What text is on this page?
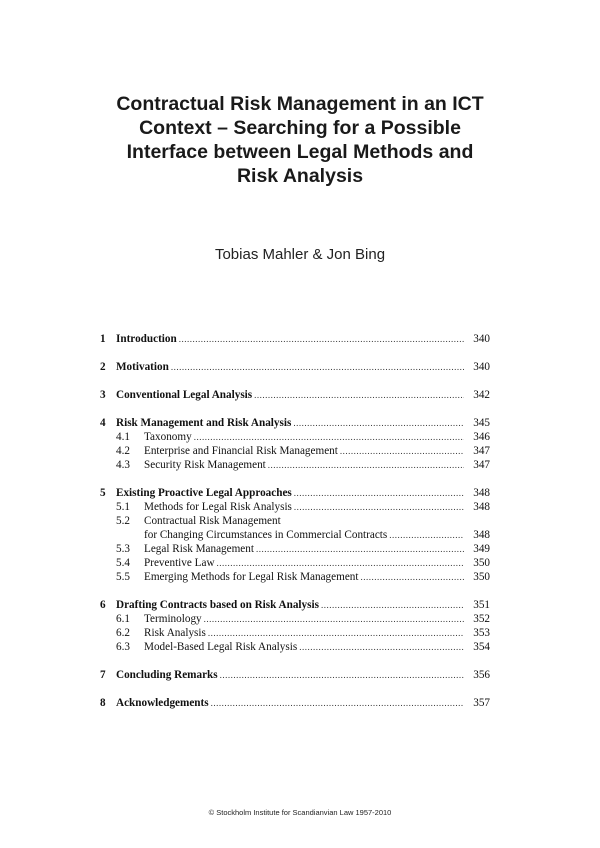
Contractual Risk Management in an ICT
Context – Searching for a Possible
Interface between Legal Methods and
Risk Analysis
Tobias Mahler & Jon Bing
1 Introduction .....	340
2 Motivation .....	340
3 Conventional Legal Analysis .....	342
4 Risk Management and Risk Analysis .....	345
4.1	Taxonomy .....	346
4.2	Enterprise and Financial Risk Management .....	347
4.3	Security Risk Management .....	347
5 Existing Proactive Legal Approaches .....	348
5.1	Methods for Legal Risk Analysis .....	348
5.2	Contractual Risk Management
for Changing Circumstances in Commercial Contracts .....	348
5.3	Legal Risk Management .....	349
5.4	Preventive Law .....	350
5.5	Emerging Methods for Legal Risk Management .....	350
6 Drafting Contracts based on Risk Analysis .....	351
6.1	Terminology .....	352
6.2	Risk Analysis .....	353
6.3	Model-Based Legal Risk Analysis .....	354
7 Concluding Remarks .....	356
8 Acknowledgements .....	357
© Stockholm Institute for Scandianvian Law 1957-2010
